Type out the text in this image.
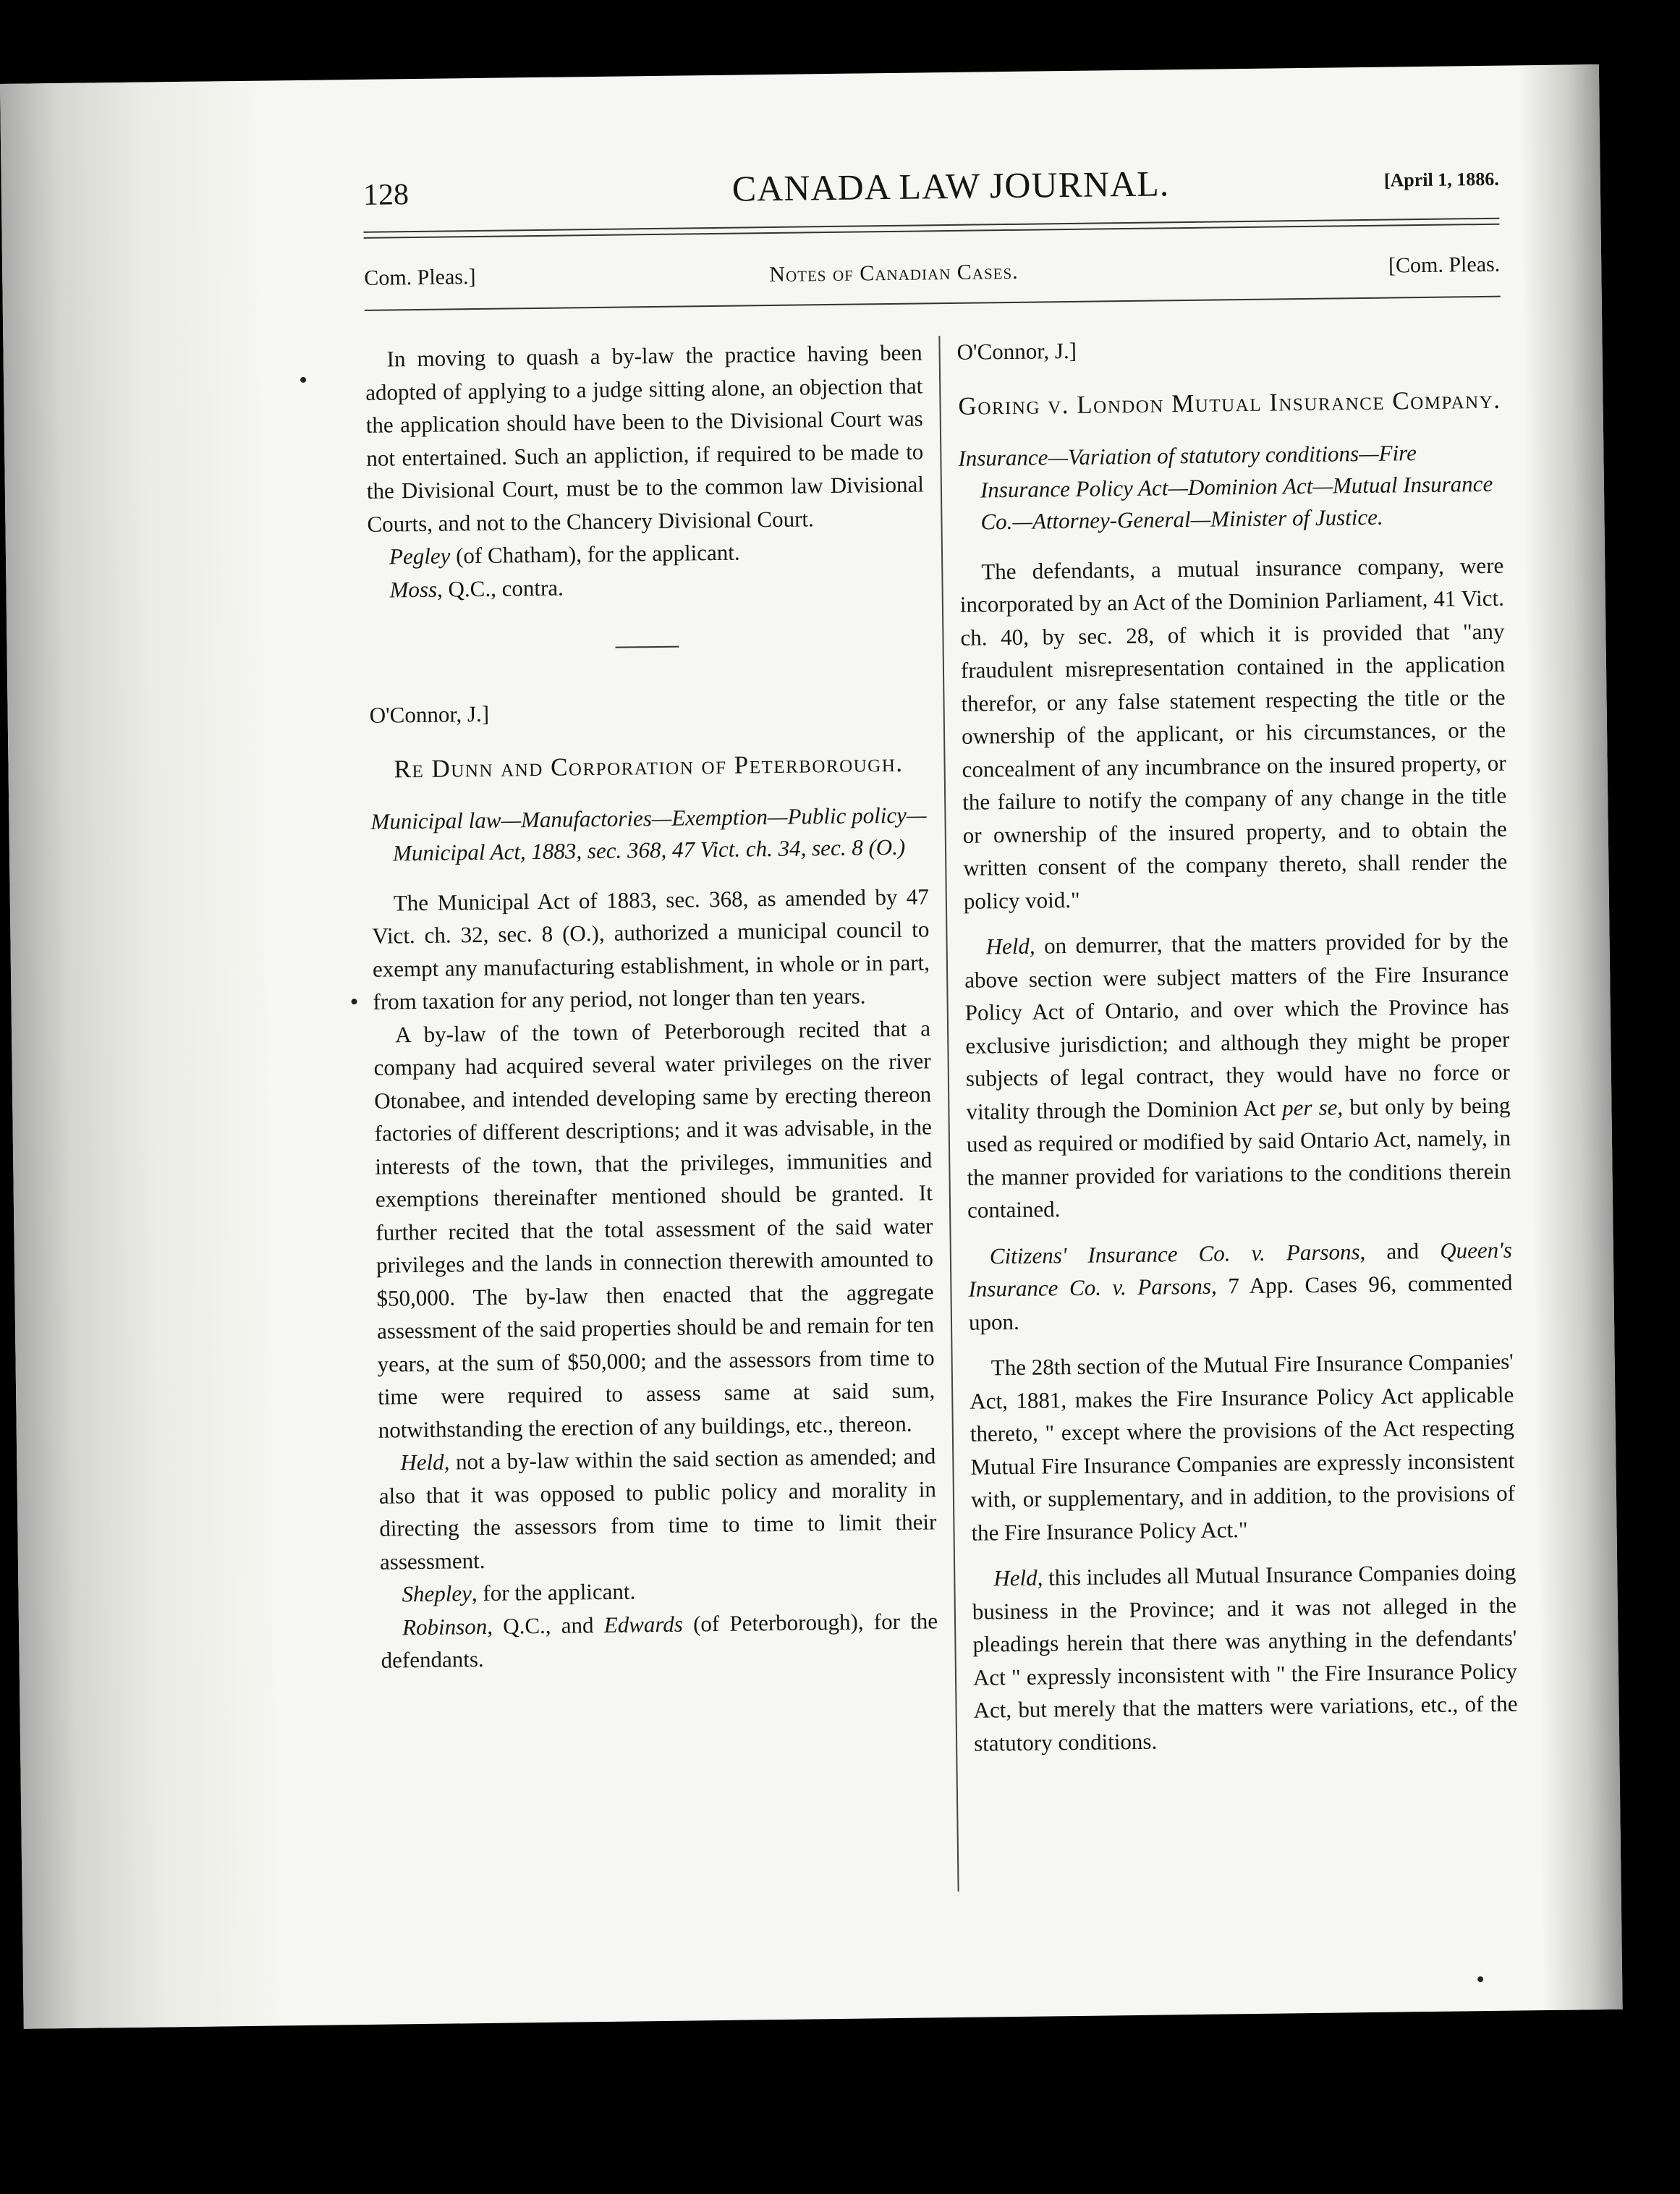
128	CANADA LAW JOURNAL.	[April 1, 1886.
Com. Pleas.]	Notes of Canadian Cases.	[Com. Pleas.

In moving to quash a by-law the practice having been adopted of applying to a judge sitting alone, an objection that the application should have been to the Divisional Court was not entertained. Such an appliction, if required to be made to the Divisional Court, must be to the common law Divisional Courts, and not to the Chancery Divisional Court.

Pegley (of Chatham), for the applicant.

Moss, Q.C., contra.

O'Connor, J.]

Re Dunn and Corporation of Peterborough.

Municipal law—Manufactories—Exemption—Public policy—Municipal Act, 1883, sec. 368, 47 Vict. ch. 34, sec. 8 (O.)

The Municipal Act of 1883, sec. 368, as amended by 47 Vict. ch. 32, sec. 8 (O.), authorized a municipal council to exempt any manufacturing establishment, in whole or in part, from taxation for any period, not longer than ten years.

A by-law of the town of Peterborough recited that a company had acquired several water privileges on the river Otonabee, and intended developing same by erecting thereon factories of different descriptions; and it was advisable, in the interests of the town, that the privileges, immunities and exemptions thereinafter mentioned should be granted. It further recited that the total assessment of the said water privileges and the lands in connection therewith amounted to $50,000. The by-law then enacted that the aggregate assessment of the said properties should be and remain for ten years, at the sum of $50,000; and the assessors from time to time were required to assess same at said sum, notwithstanding the erection of any buildings, etc., thereon.

Held, not a by-law within the said section as amended; and also that it was opposed to public policy and morality in directing the assessors from time to time to limit their assessment.

Shepley, for the applicant.

Robinson, Q.C., and Edwards (of Peterborough), for the defendants.

O'Connor, J.]

Goring v. London Mutual Insurance Company.

Insurance—Variation of statutory conditions—Fire Insurance Policy Act—Dominion Act—Mutual Insurance Co.—Attorney-General—Minister of Justice.

The defendants, a mutual insurance company, were incorporated by an Act of the Dominion Parliament, 41 Vict. ch. 40, by sec. 28, of which it is provided that "any fraudulent misrepresentation contained in the application therefor, or any false statement respecting the title or the ownership of the applicant, or his circumstances, or the concealment of any incumbrance on the insured property, or the failure to notify the company of any change in the title or ownership of the insured property, and to obtain the written consent of the company thereto, shall render the policy void."

Held, on demurrer, that the matters provided for by the above section were subject matters of the Fire Insurance Policy Act of Ontario, and over which the Province has exclusive jurisdiction; and although they might be proper subjects of legal contract, they would have no force or vitality through the Dominion Act per se, but only by being used as required or modified by said Ontario Act, namely, in the manner provided for variations to the conditions therein contained.

Citizens' Insurance Co. v. Parsons, and Queen's Insurance Co. v. Parsons, 7 App. Cases 96, commented upon.

The 28th section of the Mutual Fire Insurance Companies' Act, 1881, makes the Fire Insurance Policy Act applicable thereto, " except where the provisions of the Act respecting Mutual Fire Insurance Companies are expressly inconsistent with, or supplementary, and in addition, to the provisions of the Fire Insurance Policy Act."

Held, this includes all Mutual Insurance Companies doing business in the Province; and it was not alleged in the pleadings herein that there was anything in the defendants' Act " expressly inconsistent with " the Fire Insurance Policy Act, but merely that the matters were variations, etc., of the statutory conditions.
